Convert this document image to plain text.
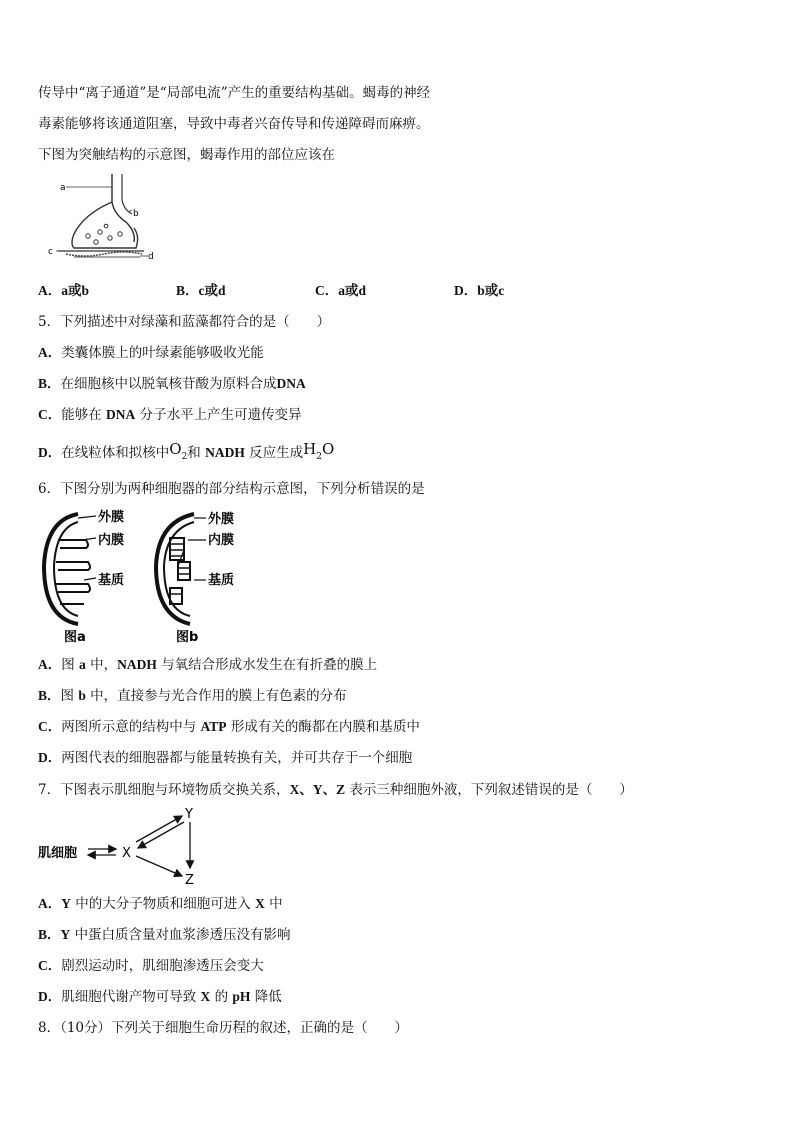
传导中“离子通道”是“局部电流”产生的重要结构基础。蝎毒的神经
毒素能够将该通道阻塞，导致中毒者兴奋传导和传递障碍而麻痹。
下图为突触结构的示意图，蝎毒作用的部位应该在
a
b
c	d
A．a或b	B．c或d	C．a或d	D．b或c
5．下列描述中对绿藻和蓝藻都符合的是（　　）
A．类囊体膜上的叶绿素能够吸收光能
B．在细胞核中以脱氧核苷酸为原料合成DNA
C．能够在 DNA 分子水平上产生可遗传变异
D．在线粒体和拟核中$O_2$和 NADH 反应生成$H_2O$
6．下图分别为两种细胞器的部分结构示意图，下列分析错误的是
外膜
内膜
基质
图a
外膜
内膜
基质
图b
A．图 a 中，NADH 与氧结合形成水发生在有折叠的膜上
B．图 b 中，直接参与光合作用的膜上有色素的分布
C．两图所示意的结构中与 ATP 形成有关的酶都在内膜和基质中
D．两图代表的细胞器都与能量转换有关，并可共存于一个细胞
7．下图表示肌细胞与环境物质交换关系，X、Y、Z 表示三种细胞外液，下列叙述错误的是（　　）
肌细胞	X
Y
Z
A．Y 中的大分子物质和细胞可进入 X 中
B．Y 中蛋白质含量对血浆渗透压没有影响
C．剧烈运动时，肌细胞渗透压会变大
D．肌细胞代谢产物可导致 X 的 pH 降低
8．（10分）下列关于细胞生命历程的叙述，正确的是（　　）
